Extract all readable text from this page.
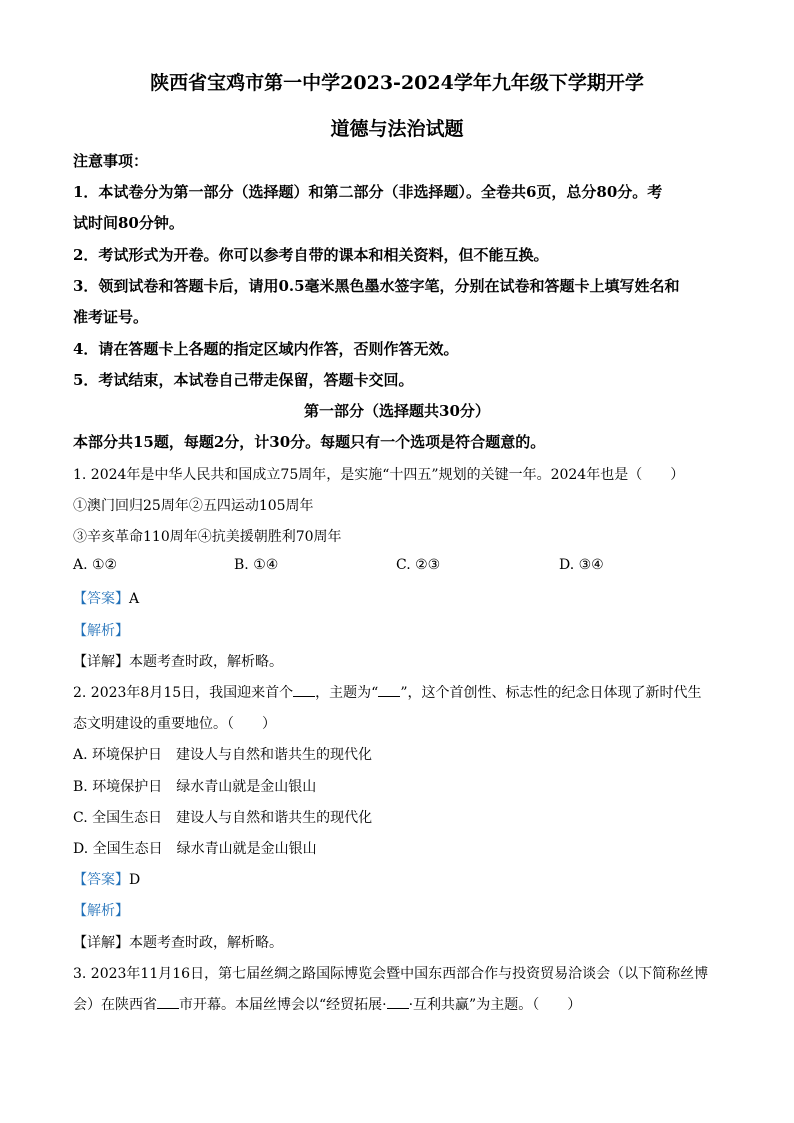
陕西省宝鸡市第一中学2023-2024学年九年级下学期开学
道德与法治试题
注意事项：
1．本试卷分为第一部分（选择题）和第二部分（非选择题）。全卷共6页，总分80分。考
试时间80分钟。
2．考试形式为开卷。你可以参考自带的课本和相关资料，但不能互换。
3．领到试卷和答题卡后，请用0.5毫米黑色墨水签字笔，分别在试卷和答题卡上填写姓名和
准考证号。
4．请在答题卡上各题的指定区域内作答，否则作答无效。
5．考试结束，本试卷自己带走保留，答题卡交回。
第一部分（选择题共30分）
本部分共15题，每题2分，计30分。每题只有一个选项是符合题意的。
1. 2024年是中华人民共和国成立75周年，是实施“十四五”规划的关键一年。2024年也是（　　）
①澳门回归25周年②五四运动105周年
③辛亥革命110周年④抗美援朝胜利70周年
A. ①②	B. ①④	C. ②③	D. ③④
【答案】A
【解析】
【详解】本题考查时政，解析略。
2. 2023年8月15日，我国迎来首个 ，主题为“ ”，这个首创性、标志性的纪念日体现了新时代生
态文明建设的重要地位。（　　）
A. 环境保护日　建设人与自然和谐共生的现代化
B. 环境保护日　绿水青山就是金山银山
C. 全国生态日　建设人与自然和谐共生的现代化
D. 全国生态日　绿水青山就是金山银山
【答案】D
【解析】
【详解】本题考查时政，解析略。
3. 2023年11月16日，第七届丝绸之路国际博览会暨中国东西部合作与投资贸易洽谈会（以下简称丝博
会）在陕西省 市开幕。本届丝博会以“经贸拓展· ·互利共赢”为主题。（　　）
